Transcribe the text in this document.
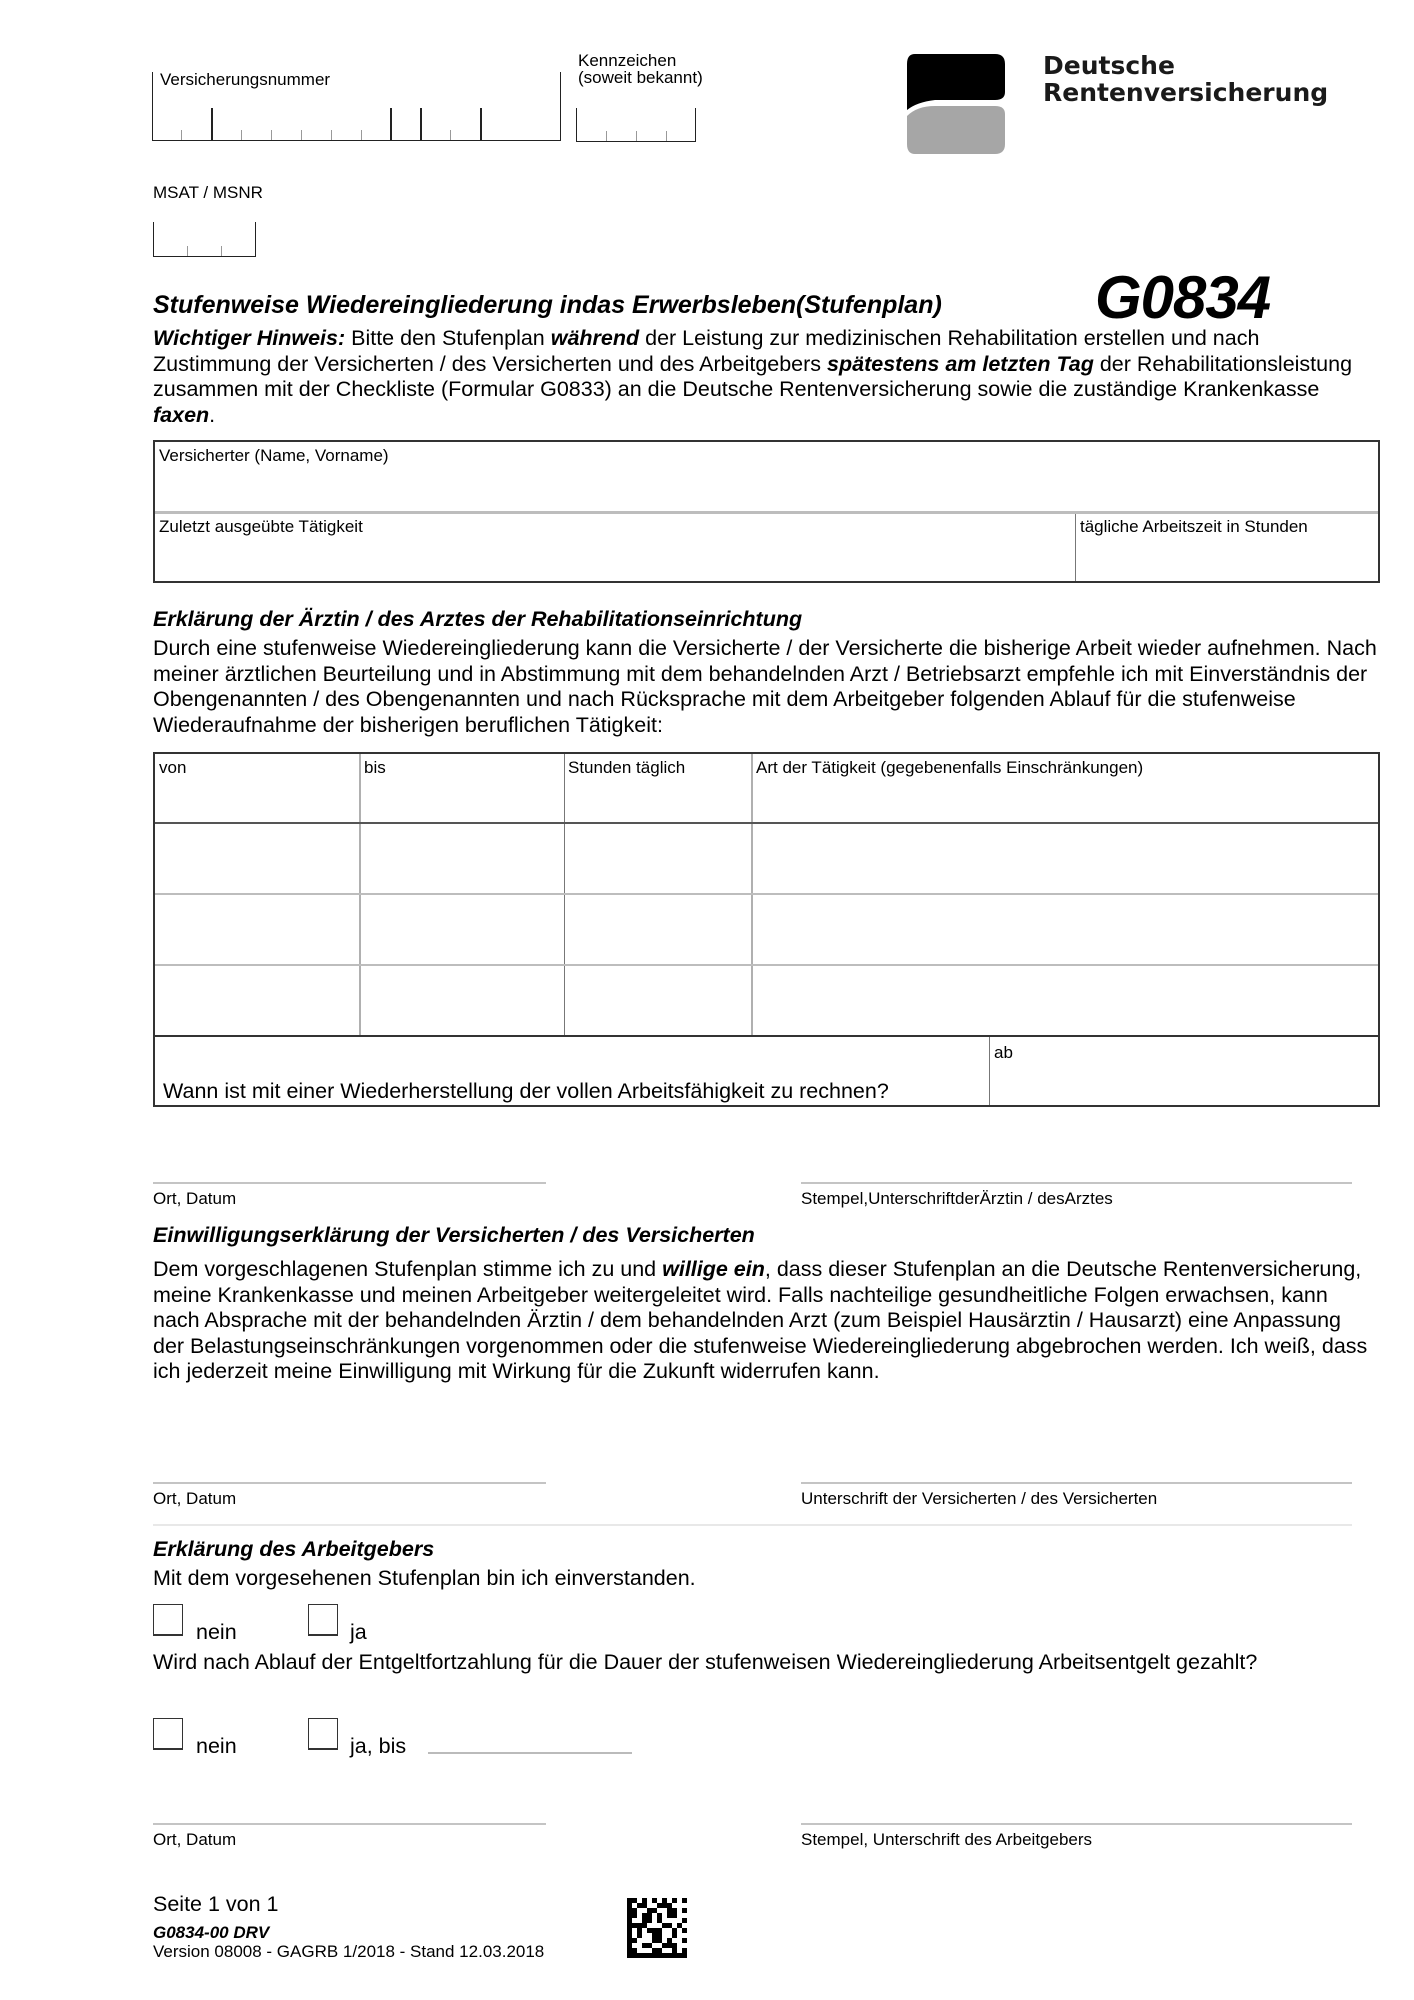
Versicherungsnummer
Kennzeichen
(soweit bekannt)	Deutsche
Rentenversicherung
MSAT / MSNR
Stufenweise Wiedereingliederung indas Erwerbsleben(Stufenplan)	G0834
Wichtiger Hinweis: Bitte den Stufenplan während der Leistung zur medizinischen Rehabilitation erstellen und nach Zustimmung der Versicherten / des Versicherten und des Arbeitgebers spätestens am letzten Tag der Rehabilitationsleistung zusammen mit der Checkliste (Formular G0833) an die Deutsche Rentenversicherung sowie die zuständige Krankenkasse faxen.
Versicherter (Name, Vorname)
Zuletzt ausgeübte Tätigkeit	tägliche Arbeitszeit in Stunden
Erklärung der Ärztin / des Arztes der Rehabilitationseinrichtung
Durch eine stufenweise Wiedereingliederung kann die Versicherte / der Versicherte die bisherige Arbeit wieder aufnehmen. Nach meiner ärztlichen Beurteilung und in Abstimmung mit dem behandelnden Arzt / Betriebsarzt empfehle ich mit Einverständnis der Obengenannten / des Obengenannten und nach Rücksprache mit dem Arbeitgeber folgenden Ablauf für die stufenweise Wiederaufnahme der bisherigen beruflichen Tätigkeit:
von	bis	Stunden täglich	Art der Tätigkeit (gegebenenfalls Einschränkungen)
Wann ist mit einer Wiederherstellung der vollen Arbeitsfähigkeit zu rechnen?
ab
Ort, Datum	Stempel,UnterschriftderÄrztin / desArztes
Einwilligungserklärung der Versicherten / des Versicherten
Dem vorgeschlagenen Stufenplan stimme ich zu und willige ein, dass dieser Stufenplan an die Deutsche Rentenversicherung, meine Krankenkasse und meinen Arbeitgeber weitergeleitet wird. Falls nachteilige gesundheitliche Folgen erwachsen, kann nach Absprache mit der behandelnden Ärztin / dem behandelnden Arzt (zum Beispiel Hausärztin / Hausarzt) eine Anpassung der Belastungseinschränkungen vorgenommen oder die stufenweise Wiedereingliederung abgebrochen werden. Ich weiß, dass ich jederzeit meine Einwilligung mit Wirkung für die Zukunft widerrufen kann.
Ort, Datum	Unterschrift der Versicherten / des Versicherten
Erklärung des Arbeitgebers
Mit dem vorgesehenen Stufenplan bin ich einverstanden.
nein	ja
Wird nach Ablauf der Entgeltfortzahlung für die Dauer der stufenweisen Wiedereingliederung Arbeitsentgelt gezahlt?
nein	ja, bis
Ort, Datum	Stempel, Unterschrift des Arbeitgebers
Seite 1 von 1
G0834-00 DRV
Version 08008 - GAGRB 1/2018 - Stand 12.03.2018
